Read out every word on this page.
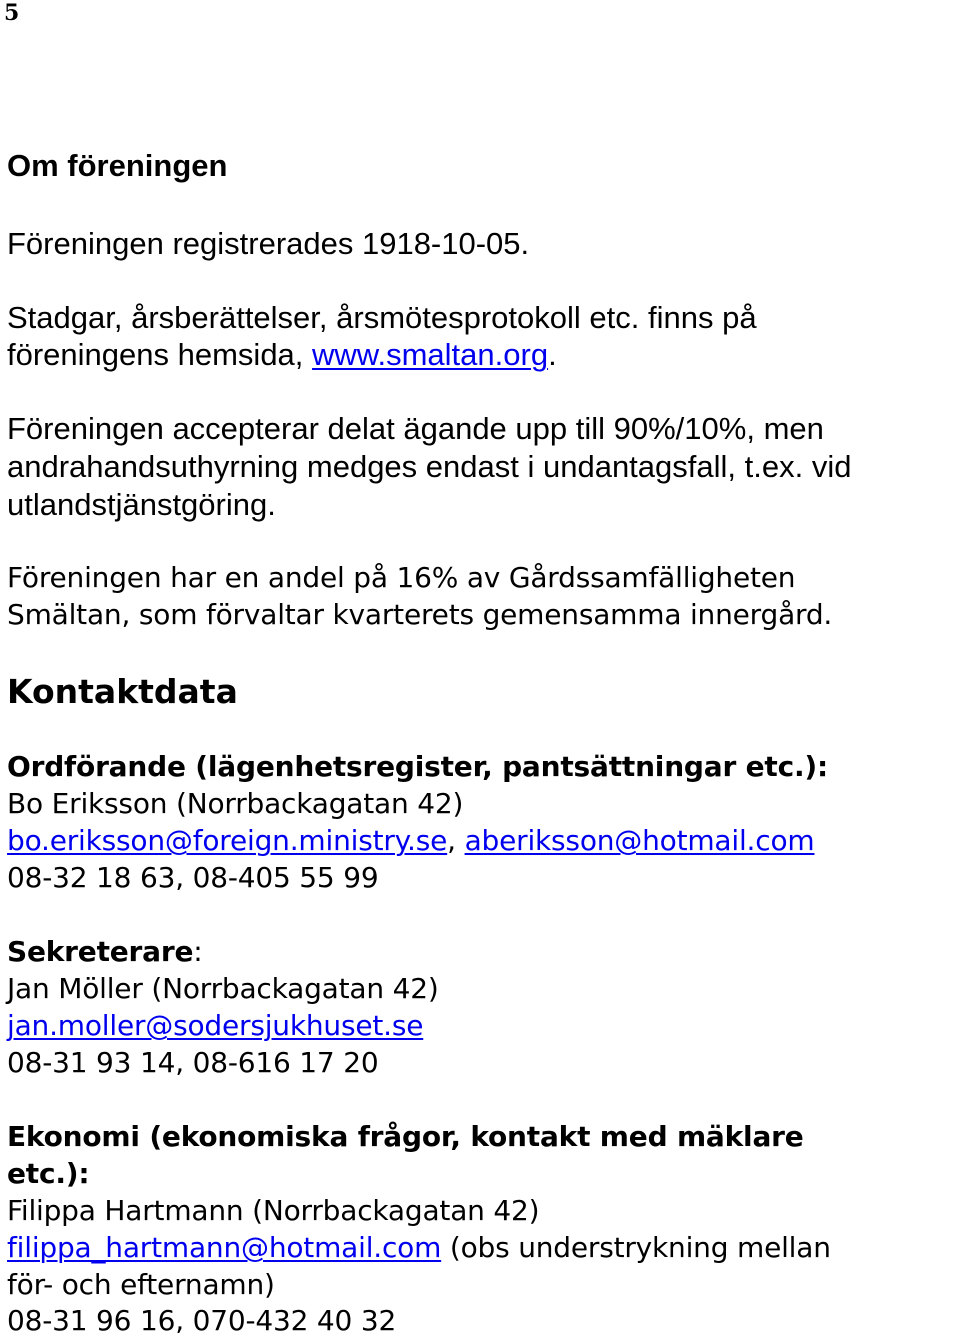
5
Om föreningen

Föreningen registrerades 1918-10-05.

Stadgar, årsberättelser, årsmötesprotokoll etc. finns på

föreningens hemsida, www.smaltan.org.

Föreningen accepterar delat ägande upp till 90%/10%, men

andrahandsuthyrning medges endast i undantagsfall, t.ex. vid

utlandstjänstgöring.

Föreningen har en andel på 16% av Gårdssamfälligheten

Smältan, som förvaltar kvarterets gemensamma innergård.

Kontaktdata

Ordförande (lägenhetsregister, pantsättningar etc.):

Bo Eriksson (Norrbackagatan 42)

bo.eriksson@foreign.ministry.se, aberiksson@hotmail.com

08-32 18 63, 08-405 55 99

Sekreterare:

Jan Möller (Norrbackagatan 42)

jan.moller@sodersjukhuset.se

08-31 93 14, 08-616 17 20

Ekonomi (ekonomiska frågor, kontakt med mäklare

etc.):

Filippa Hartmann (Norrbackagatan 42)

filippa_hartmann@hotmail.com (obs understrykning mellan

för- och efternamn)

08-31 96 16, 070-432 40 32
